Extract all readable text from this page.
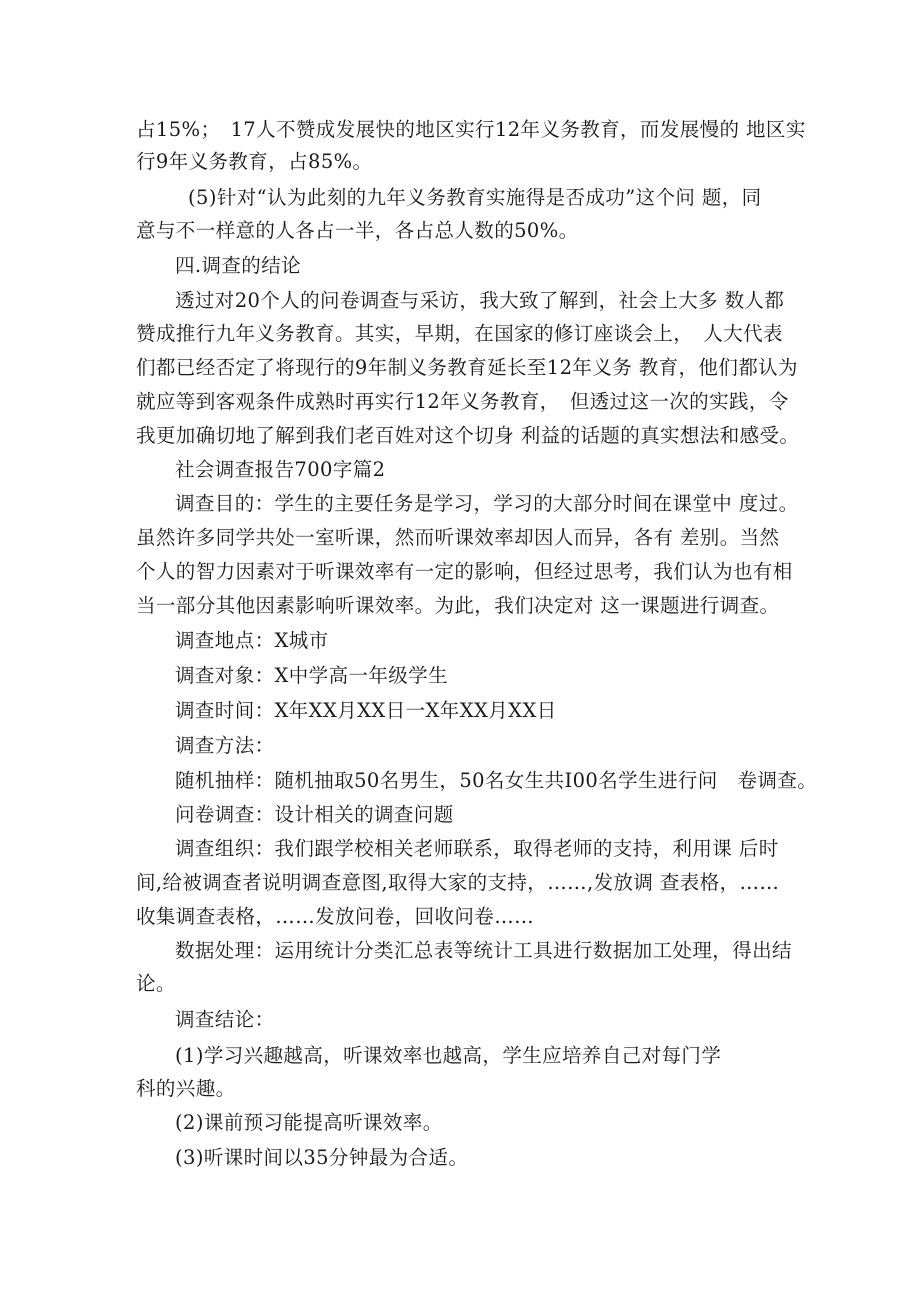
占15%；　17人不赞成发展快的地区实行12年义务教育，而发展慢的 地区实
行9年义务教育，占85%。
(5)针对“认为此刻的九年义务教育实施得是否成功”这个问 题，同
意与不一样意的人各占一半，各占总人数的50%。
四.调查的结论
透过对20个人的问卷调查与采访，我大致了解到，社会上大多 数人都
赞成推行九年义务教育。其实，早期，在国家的修订座谈会上，　人大代表
们都已经否定了将现行的9年制义务教育延长至12年义务 教育，他们都认为
就应等到客观条件成熟时再实行12年义务教育，　但透过这一次的实践，令
我更加确切地了解到我们老百姓对这个切身 利益的话题的真实想法和感受。
社会调查报告700字篇2
调查目的：学生的主要任务是学习，学习的大部分时间在课堂中 度过。
虽然许多同学共处一室听课，然而听课效率却因人而异，各有 差别。当然
个人的智力因素对于听课效率有一定的影响，但经过思考，我们认为也有相
当一部分其他因素影响听课效率。为此，我们决定对 这一课题进行调查。
调查地点：X城市
调查对象：X中学高一年级学生
调查时间：X年XX月XX日一X年XX月XX日
调查方法：
随机抽样：随机抽取50名男生，50名女生共I00名学生进行问　卷调查。
问卷调查：设计相关的调查问题
调查组织：我们跟学校相关老师联系，取得老师的支持，利用课 后时
间,给被调查者说明调查意图,取得大家的支持，……,发放调 查表格，……
收集调查表格，……发放问卷，回收问卷……
数据处理：运用统计分类汇总表等统计工具进行数据加工处理，得出结
论。
调查结论：
(1)学习兴趣越高，听课效率也越高，学生应培养自己对每门学
科的兴趣。
(2)课前预习能提高听课效率。
(3)听课时间以35分钟最为合适。
